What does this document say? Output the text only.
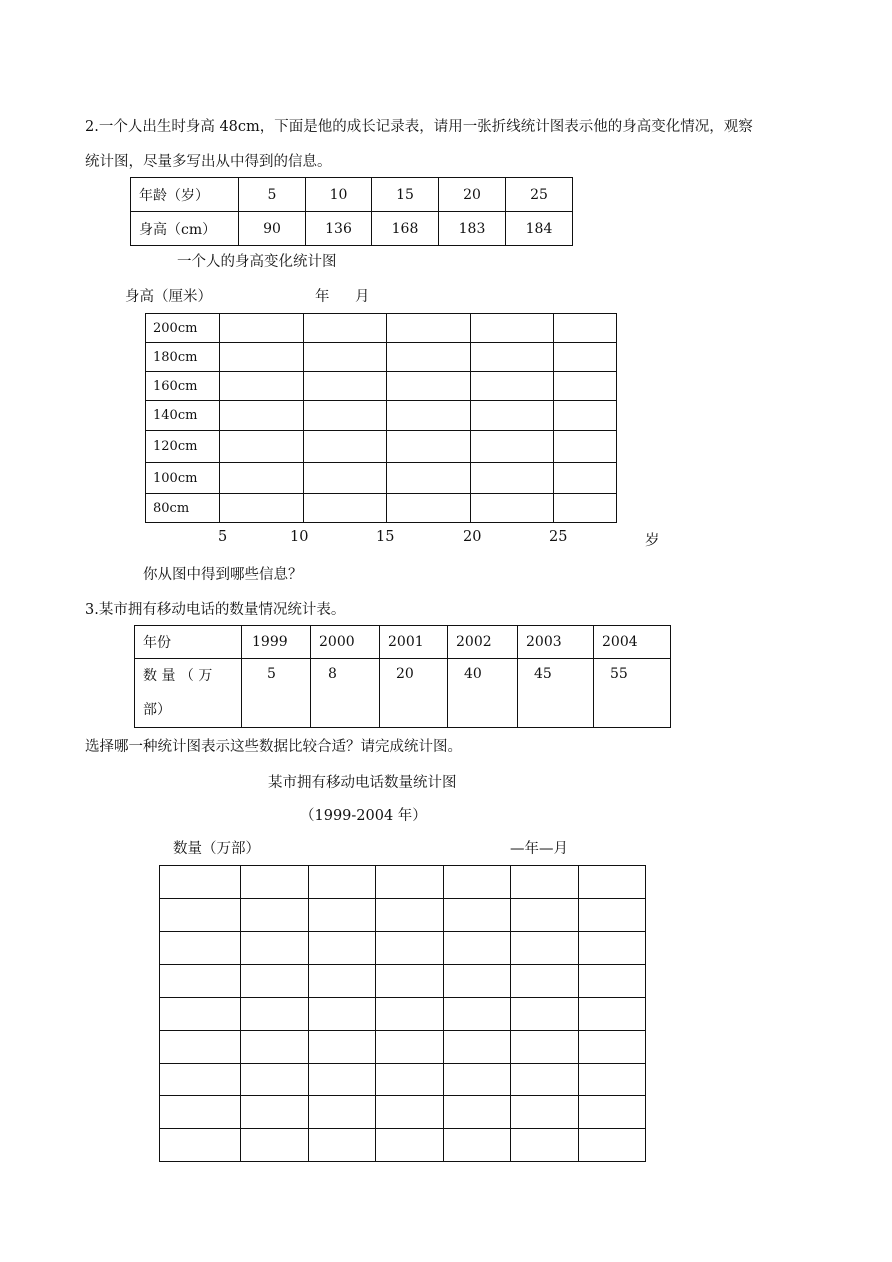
2.一个人出生时身高 48cm，下面是他的成长记录表，请用一张折线统计图表示他的身高变化情况，观察
统计图，尽量多写出从中得到的信息。
年龄（岁）	5	10	15	20	25
身高（cm）	90	136	168	183	184
一个人的身高变化统计图
身高（厘米）	年 月
200cm					
180cm					
160cm					
140cm					
120cm					
100cm					
80cm					
5	10	15	20	25	岁
你从图中得到哪些信息？
3.某市拥有移动电话的数量情况统计表。
年份	1999	2000	2001	2002	2003	2004

数 量 （ 万
部）	5	8	20	40	45	55
选择哪一种统计图表示这些数据比较合适？请完成统计图。
某市拥有移动电话数量统计图
（1999-2004 年）
数量（万部）	—年—月
